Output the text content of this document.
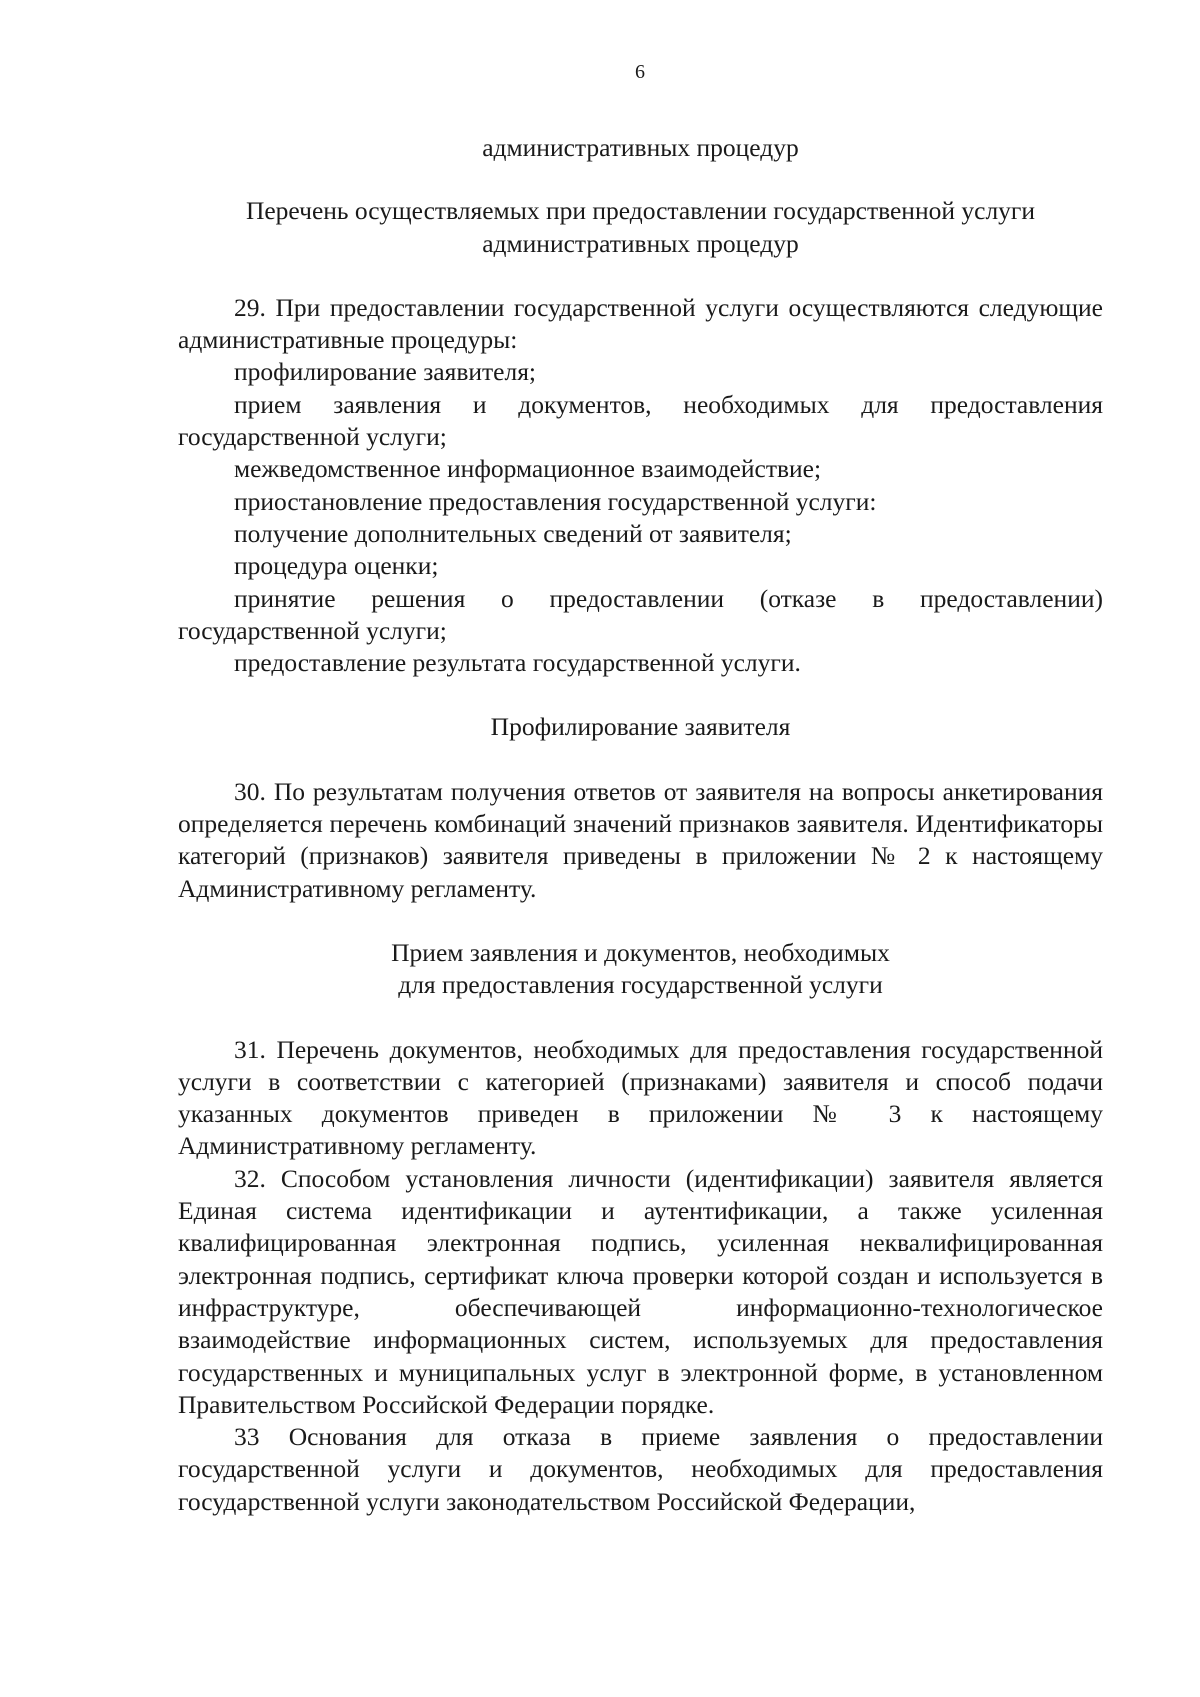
6

административных процедур

Перечень осуществляемых при предоставлении государственной услуги
административных процедур

29. При предоставлении государственной услуги осуществляются следующие административные процедуры:

профилирование заявителя;

прием заявления и документов, необходимых для предоставления государственной услуги;

межведомственное информационное взаимодействие;

приостановление предоставления государственной услуги:

получение дополнительных сведений от заявителя;

процедура оценки;

принятие решения о предоставлении (отказе в предоставлении) государственной услуги;

предоставление результата государственной услуги.

Профилирование заявителя

30. По результатам получения ответов от заявителя на вопросы анкетирования определяется перечень комбинаций значений признаков заявителя. Идентификаторы категорий (признаков) заявителя приведены в приложении № 2 к настоящему Административному регламенту.

Прием заявления и документов, необходимых
для предоставления государственной услуги

31. Перечень документов, необходимых для предоставления государственной услуги в соответствии с категорией (признаками) заявителя и способ подачи указанных документов приведен в приложении № 3 к настоящему Административному регламенту.

32. Способом установления личности (идентификации) заявителя является Единая система идентификации и аутентификации, а также усиленная квалифицированная электронная подпись, усиленная неквалифицированная электронная подпись, сертификат ключа проверки которой создан и используется в инфраструктуре, обеспечивающей информационно-технологическое взаимодействие информационных систем, используемых для предоставления государственных и муниципальных услуг в электронной форме, в установленном Правительством Российской Федерации порядке.

33 Основания для отказа в приеме заявления о предоставлении государственной услуги и документов, необходимых для предоставления государственной услуги законодательством Российской Федерации,
